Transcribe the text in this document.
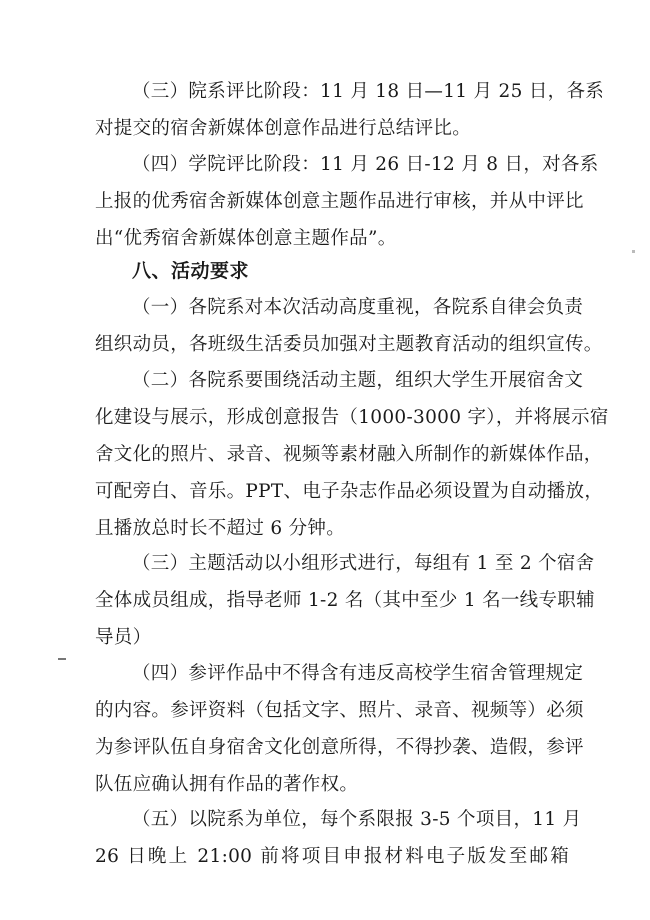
（三）院系评比阶段：11 月 18 日—11 月 25 日，各系
对提交的宿舍新媒体创意作品进行总结评比。
（四）学院评比阶段：11 月 26 日-12 月 8 日，对各系
上报的优秀宿舍新媒体创意主题作品进行审核，并从中评比
出“优秀宿舍新媒体创意主题作品”。
八、活动要求
（一）各院系对本次活动高度重视，各院系自律会负责
组织动员，各班级生活委员加强对主题教育活动的组织宣传。
（二）各院系要围绕活动主题，组织大学生开展宿舍文
化建设与展示，形成创意报告（1000-3000 字），并将展示宿
舍文化的照片、录音、视频等素材融入所制作的新媒体作品，
可配旁白、音乐。PPT、电子杂志作品必须设置为自动播放，
且播放总时长不超过 6 分钟。
（三）主题活动以小组形式进行，每组有 1 至 2 个宿舍
全体成员组成，指导老师 1-2 名（其中至少 1 名一线专职辅
导员）
（四）参评作品中不得含有违反高校学生宿舍管理规定
的内容。参评资料（包括文字、照片、录音、视频等）必须
为参评队伍自身宿舍文化创意所得，不得抄袭、造假，参评
队伍应确认拥有作品的著作权。
（五）以院系为单位，每个系限报 3-5 个项目，11 月
26 日晚上 21:00 前将项目申报材料电子版发至邮箱
